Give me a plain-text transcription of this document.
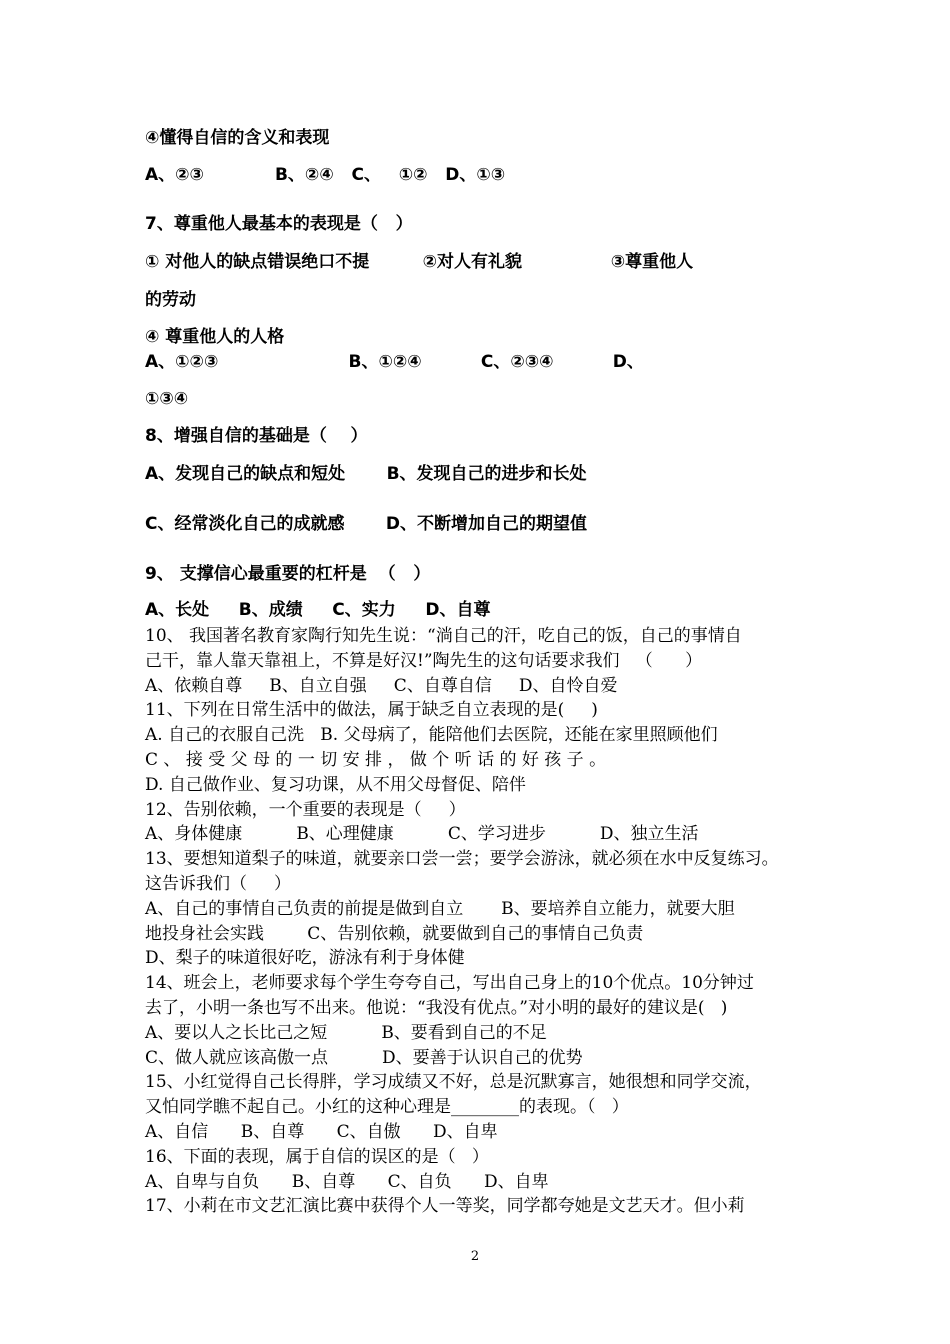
④懂得自信的含义和表现
A、②③            B、②④   C、   ①②   D、①③
7、尊重他人最基本的表现是（   ）
① 对他人的缺点错误绝口不提         ②对人有礼貌               ③尊重他人
的劳动
④ 尊重他人的人格
A、①②③                      B、①②④          C、②③④          D、
①③④
8、增强自信的基础是（    ）
A、发现自己的缺点和短处       B、发现自己的进步和长处
C、经常淡化自己的成就感       D、不断增加自己的期望值
9、 支撑信心最重要的杠杆是  （   ）
A、长处     B、成绩     C、实力     D、自尊
10、 我国著名教育家陶行知先生说：“淌自己的汗，吃自己的饭，自己的事情自
己干，靠人靠天靠祖上，不算是好汉!”陶先生的这句话要求我们   （      ）
A、依赖自尊     B、自立自强     C、自尊自信     D、自怜自爱
11、下列在日常生活中的做法，属于缺乏自立表现的是(     )
A. 自己的衣服自己洗   B. 父母病了，能陪他们去医院，还能在家里照顾他们
C 、 接 受 父 母 的 一 切 安 排 ， 做 个 听 话 的 好 孩 子 。
D. 自己做作业、复习功课，从不用父母督促、陪伴
12、告别依赖，一个重要的表现是（     ）
A、身体健康          B、心理健康          C、学习进步          D、独立生活
13、要想知道梨子的味道，就要亲口尝一尝；要学会游泳，就必须在水中反复练习。
这告诉我们（     ）
A、自己的事情自己负责的前提是做到自立       B、要培养自立能力，就要大胆
地投身社会实践        C、告别依赖，就要做到自己的事情自己负责
D、梨子的味道很好吃，游泳有利于身体健
14、班会上，老师要求每个学生夸夸自己，写出自己身上的10个优点。10分钟过
去了，小明一条也写不出来。他说：“我没有优点。”对小明的最好的建议是(   )
A、要以人之长比己之短          B、要看到自己的不足
C、做人就应该高傲一点          D、要善于认识自己的优势
15、小红觉得自己长得胖，学习成绩又不好，总是沉默寡言，她很想和同学交流，
又怕同学瞧不起自己。小红的这种心理是________的表现。（   ）
A、自信      B、自尊      C、自傲      D、自卑
16、下面的表现，属于自信的误区的是（   ）
A、自卑与自负      B、自尊      C、自负      D、自卑
17、小莉在市文艺汇演比赛中获得个人一等奖，同学都夸她是文艺天才。但小莉
2
